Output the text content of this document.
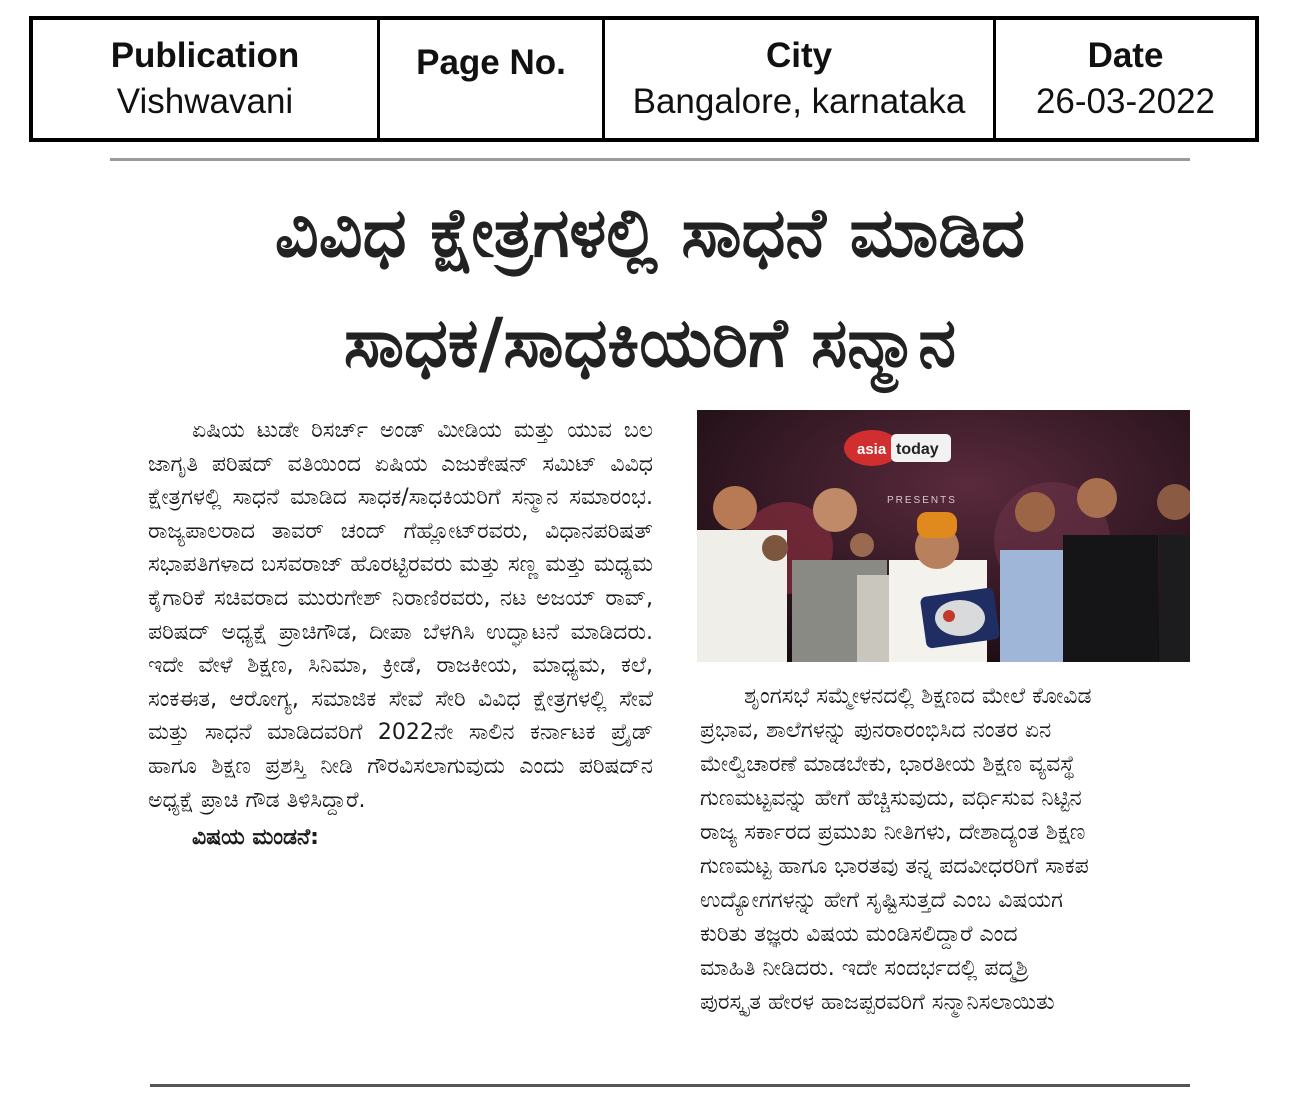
Publication
Vishwavani
Page No.	City
Bangalore, karnataka
Date
26-03-2022
ವಿವಿಧ ಕ್ಷೇತ್ರಗಳಲ್ಲಿ ಸಾಧನೆ ಮಾಡಿದ
ಸಾಧಕ/ಸಾಧಕಿಯರಿಗೆ ಸನ್ಮಾನ

ಏಷಿಯ ಟುಡೇ ರಿಸರ್ಚ್ ಅಂಡ್ ಮೀಡಿಯ ಮತ್ತು ಯುವ ಬಲ ಜಾಗೃತಿ ಪರಿಷದ್ ವತಿಯಿಂದ ಏಷಿಯ ಎಜುಕೇಷನ್ ಸಮಿಟ್ ವಿವಿಧ ಕ್ಷೇತ್ರಗಳಲ್ಲಿ ಸಾಧನೆ ಮಾಡಿದ ಸಾಧಕ/ಸಾಧಕಿಯರಿಗೆ ಸನ್ಮಾನ ಸಮಾರಂಭ. ರಾಜ್ಯಪಾಲರಾದ ತಾವರ್ ಚಂದ್ ಗೆಹ್ಲೋಟ್‌ರವರು, ವಿಧಾನಪರಿಷತ್ ಸಭಾಪತಿಗಳಾದ ಬಸವರಾಜ್ ಹೊರಟ್ಟಿರವರು ಮತ್ತು ಸಣ್ಣ ಮತ್ತು ಮಧ್ಯಮ ಕೈಗಾರಿಕೆ ಸಚಿವರಾದ ಮುರುಗೇಶ್ ನಿರಾಣಿರವರು, ನಟ ಅಜಯ್ ರಾವ್, ಪರಿಷದ್ ಅಧ್ಯಕ್ಷೆ ಪ್ರಾಚಿಗೌಡ, ದೀಪಾ ಬೆಳಗಿಸಿ ಉದ್ಘಾಟನೆ ಮಾಡಿದರು. ಇದೇ ವೇಳೆ ಶಿಕ್ಷಣ, ಸಿನಿಮಾ, ಕ್ರೀಡೆ, ರಾಜಕೀಯ, ಮಾಧ್ಯಮ, ಕಲೆ, ಸಂಕಈತ, ಆರೋಗ್ಯ, ಸಮಾಜಿಕ ಸೇವೆ ಸೇರಿ ವಿವಿಧ ಕ್ಷೇತ್ರಗಳಲ್ಲಿ ಸೇವೆ ಮತ್ತು ಸಾಧನೆ ಮಾಡಿದವರಿಗೆ 2022ನೇ ಸಾಲಿನ ಕರ್ನಾಟಕ ಪ್ರೈಡ್ ಹಾಗೂ ಶಿಕ್ಷಣ ಪ್ರಶಸ್ತಿ ನೀಡಿ ಗೌರವಿಸಲಾಗುವುದು ಎಂದು ಪರಿಷದ್‌ನ ಅಧ್ಯಕ್ಷೆ ಪ್ರಾಚಿ ಗೌಡ ತಿಳಿಸಿದ್ದಾರೆ.

ವಿಷಯ ಮಂಡನೆ:
asia today
PRESENTS

ಶೃಂಗಸಭೆ ಸಮ್ಮೇಳನದಲ್ಲಿ ಶಿಕ್ಷಣದ ಮೇಲೆ ಕೋವಿಡ

ಪ್ರಭಾವ, ಶಾಲೆಗಳನ್ನು ಪುನರಾರಂಭಿಸಿದ ನಂತರ ಏನ

ಮೇಲ್ವಿಚಾರಣೆ ಮಾಡಬೇಕು, ಭಾರತೀಯ ಶಿಕ್ಷಣ ವ್ಯವಸ್ಥೆ

ಗುಣಮಟ್ಟವನ್ನು ಹೇಗೆ ಹೆಚ್ಚಿಸುವುದು, ವರ್ಧಿಸುವ ನಿಟ್ಟಿನ

ರಾಜ್ಯ ಸರ್ಕಾರದ ಪ್ರಮುಖ ನೀತಿಗಳು, ದೇಶಾದ್ಯಂತ ಶಿಕ್ಷಣ

ಗುಣಮಟ್ಟ ಹಾಗೂ ಭಾರತವು ತನ್ನ ಪದವೀಧರರಿಗೆ ಸಾಕಪ

ಉದ್ಯೋಗಗಳನ್ನು ಹೇಗೆ ಸೃಷ್ಟಿಸುತ್ತದೆ ಎಂಬ ವಿಷಯಗ

ಕುರಿತು ತಜ್ಞರು ವಿಷಯ ಮಂಡಿಸಲಿದ್ದಾರೆ ಎಂದ

ಮಾಹಿತಿ ನೀಡಿದರು. ಇದೇ ಸಂದರ್ಭದಲ್ಲಿ ಪದ್ಮಶ್ರಿ

ಪುರಸ್ಕೃತ ಹೇರಳ ಹಾಜಪ್ಪರವರಿಗೆ ಸನ್ಮಾನಿಸಲಾಯಿತು
